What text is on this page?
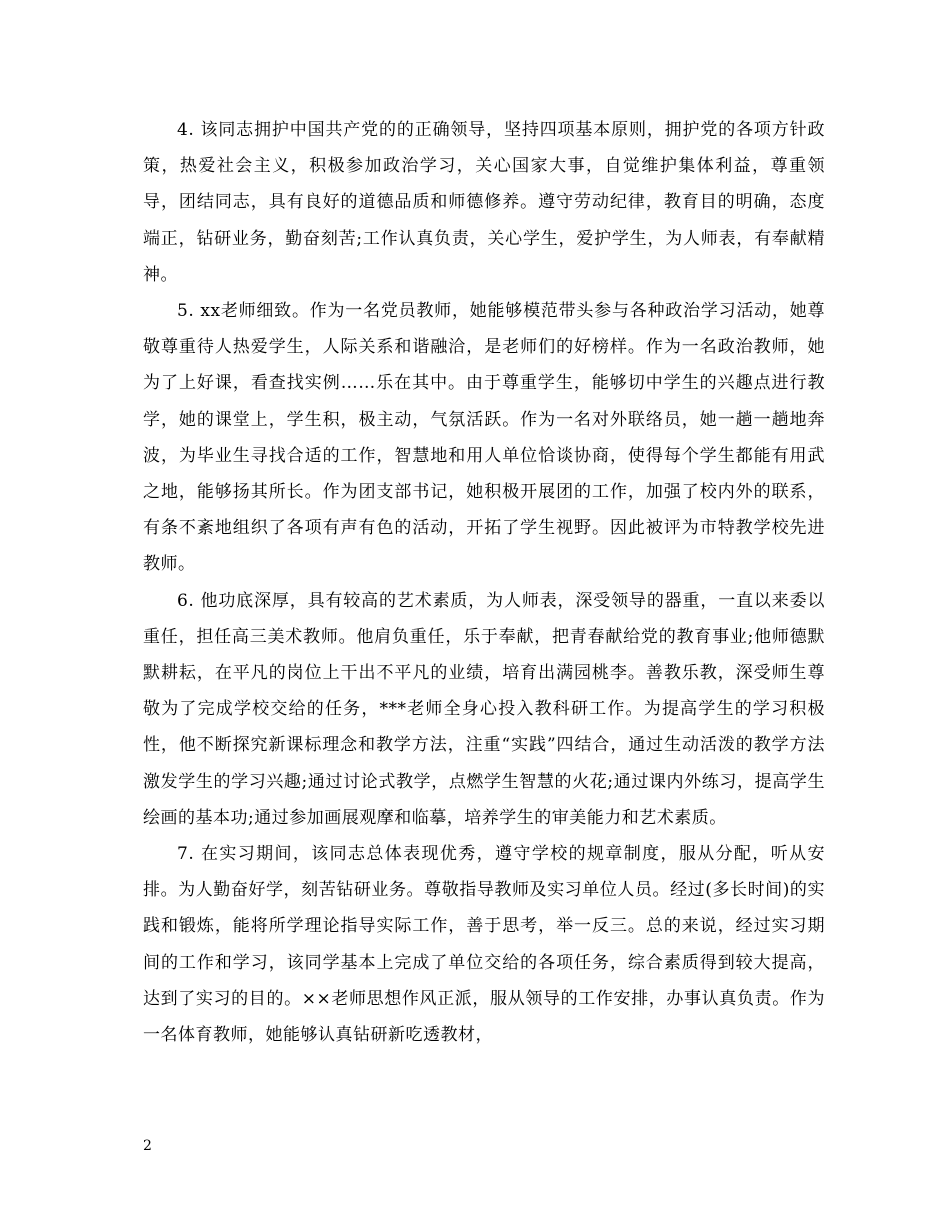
4. 该同志拥护中国共产党的的正确领导，坚持四项基本原则，拥护党的各项方针政策，热爱社会主义，积极参加政治学习，关心国家大事，自觉维护集体利益，尊重领导，团结同志，具有良好的道德品质和师德修养。遵守劳动纪律，教育目的明确，态度端正，钻研业务，勤奋刻苦;工作认真负责，关心学生，爱护学生，为人师表，有奉献精神。

5. xx老师细致。作为一名党员教师，她能够模范带头参与各种政治学习活动，她尊敬尊重待人热爱学生，人际关系和谐融洽，是老师们的好榜样。作为一名政治教师，她为了上好课，看查找实例……乐在其中。由于尊重学生，能够切中学生的兴趣点进行教学，她的课堂上，学生积，极主动，气氛活跃。作为一名对外联络员，她一趟一趟地奔波，为毕业生寻找合适的工作，智慧地和用人单位恰谈协商，使得每个学生都能有用武之地，能够扬其所长。作为团支部书记，她积极开展团的工作，加强了校内外的联系，有条不紊地组织了各项有声有色的活动，开拓了学生视野。因此被评为市特教学校先进教师。

6. 他功底深厚，具有较高的艺术素质，为人师表，深受领导的器重，一直以来委以重任，担任高三美术教师。他肩负重任，乐于奉献，把青春献给党的教育事业;他师德默默耕耘，在平凡的岗位上干出不平凡的业绩，培育出满园桃李。善教乐教，深受师生尊敬为了完成学校交给的任务，***老师全身心投入教科研工作。为提高学生的学习积极性，他不断探究新课标理念和教学方法，注重“实践”四结合，通过生动活泼的教学方法激发学生的学习兴趣;通过讨论式教学，点燃学生智慧的火花;通过课内外练习，提高学生绘画的基本功;通过参加画展观摩和临摹，培养学生的审美能力和艺术素质。

7. 在实习期间，该同志总体表现优秀，遵守学校的规章制度，服从分配，听从安排。为人勤奋好学，刻苦钻研业务。尊敬指导教师及实习单位人员。经过(多长时间)的实践和锻炼，能将所学理论指导实际工作，善于思考，举一反三。总的来说，经过实习期间的工作和学习，该同学基本上完成了单位交给的各项任务，综合素质得到较大提高，达到了实习的目的。××老师思想作风正派，服从领导的工作安排，办事认真负责。作为一名体育教师，她能够认真钻研新吃透教材，

2
